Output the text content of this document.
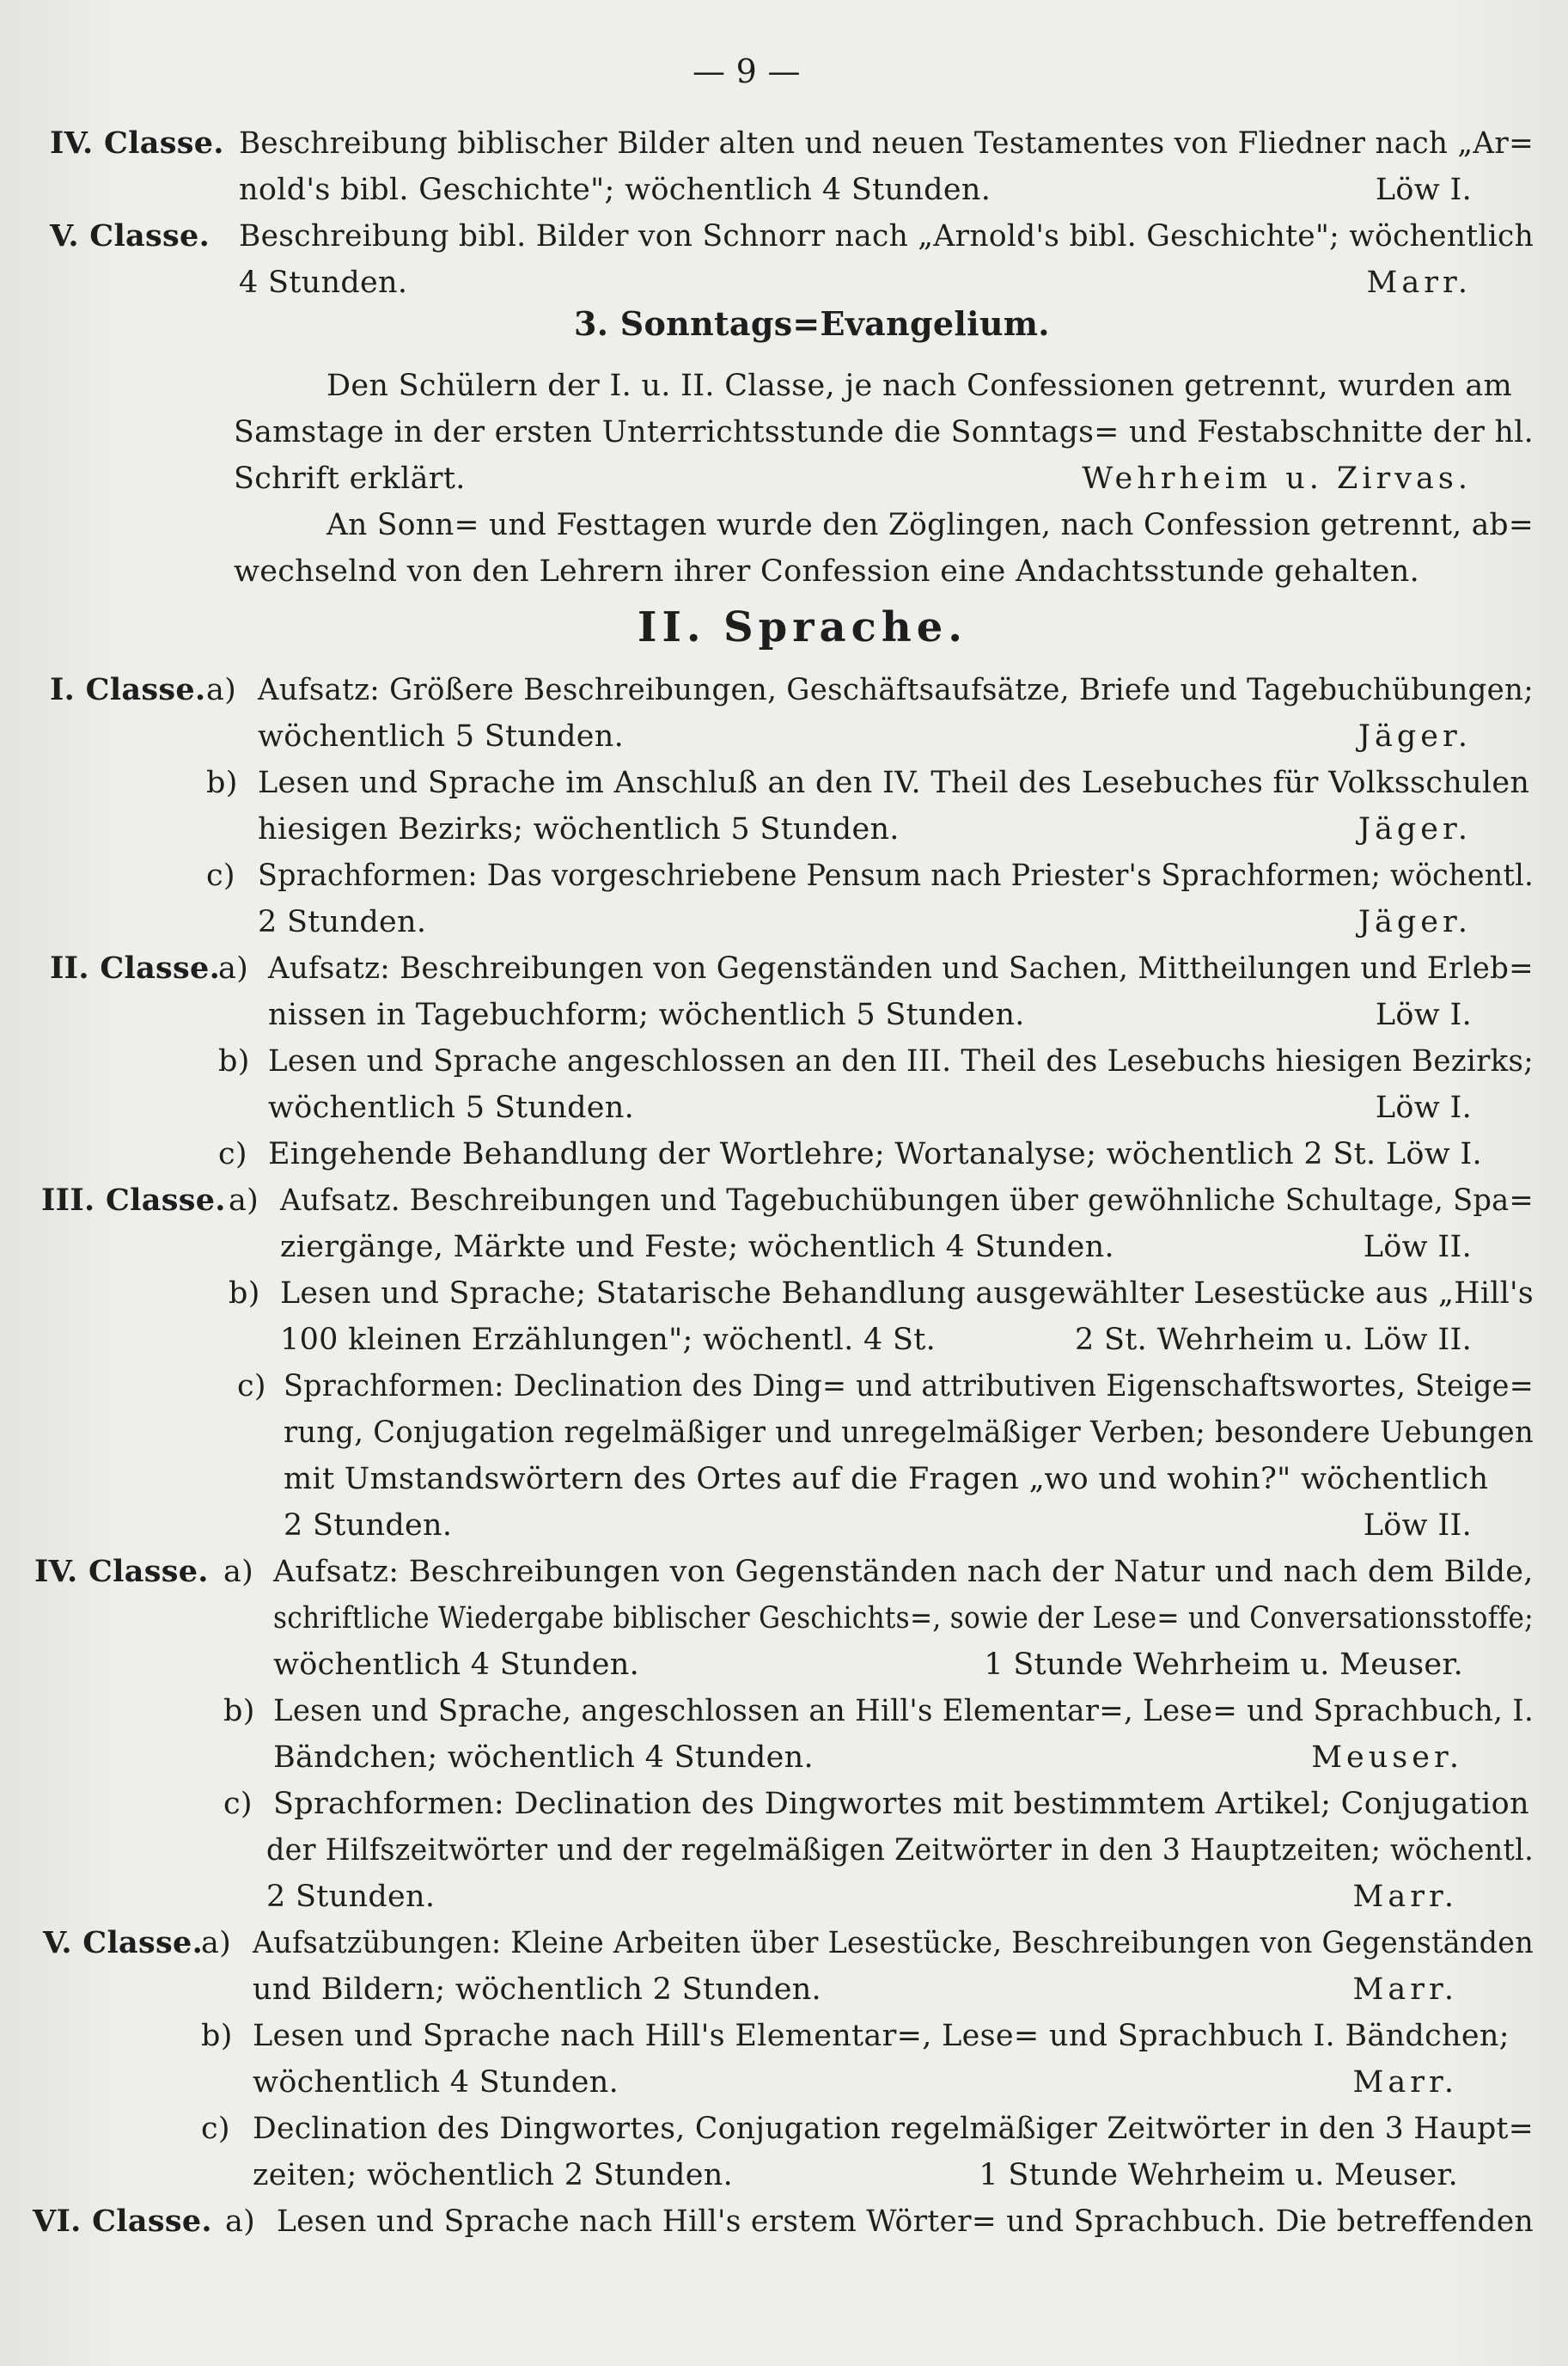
— 9 —
IV. Classe. Beschreibung biblischer Bilder alten und neuen Testamentes von Fliedner nach „Ar=
nold's bibl. Geschichte"; wöchentlich 4 Stunden.	Löw I.
V. Classe. Beschreibung bibl. Bilder von Schnorr nach „Arnold's bibl. Geschichte"; wöchentlich
4 Stunden.	Marr.
3. Sonntags=Evangelium.
Den Schülern der I. u. II. Classe, je nach Confessionen getrennt, wurden am
Samstage in der ersten Unterrichtsstunde die Sonntags= und Festabschnitte der hl.
Schrift erklärt.	Wehrheim u. Zirvas.
An Sonn= und Festtagen wurde den Zöglingen, nach Confession getrennt, ab=
wechselnd von den Lehrern ihrer Confession eine Andachtsstunde gehalten.
II. Sprache.
I. Classe. a) Aufsatz: Größere Beschreibungen, Geschäftsaufsätze, Briefe und Tagebuchübungen;
wöchentlich 5 Stunden.	Jäger.
b) Lesen und Sprache im Anschluß an den IV. Theil des Lesebuches für Volksschulen
hiesigen Bezirks; wöchentlich 5 Stunden.	Jäger.
c) Sprachformen: Das vorgeschriebene Pensum nach Priester's Sprachformen; wöchentl.
2 Stunden.	Jäger.
II. Classe.
a) Aufsatz: Beschreibungen von Gegenständen und Sachen, Mittheilungen und Erleb=
nissen in Tagebuchform; wöchentlich 5 Stunden.	Löw I.
b) Lesen und Sprache angeschlossen an den III. Theil des Lesebuchs hiesigen Bezirks;
wöchentlich 5 Stunden.	Löw I.
c) Eingehende Behandlung der Wortlehre; Wortanalyse; wöchentlich 2 St. Löw I.
III. Classe. a) Aufsatz. Beschreibungen und Tagebuchübungen über gewöhnliche Schultage, Spa=
ziergänge, Märkte und Feste; wöchentlich 4 Stunden.	Löw II.
b) Lesen und Sprache; Statarische Behandlung ausgewählter Lesestücke aus „Hill's
100 kleinen Erzählungen"; wöchentl. 4 St.	2 St. Wehrheim u. Löw II.
c) Sprachformen: Declination des Ding= und attributiven Eigenschaftswortes, Steige=
rung, Conjugation regelmäßiger und unregelmäßiger Verben; besondere Uebungen
mit Umstandswörtern des Ortes auf die Fragen „wo und wohin?" wöchentlich
2 Stunden.	Löw II.
IV. Classe. a) Aufsatz: Beschreibungen von Gegenständen nach der Natur und nach dem Bilde,
schriftliche Wiedergabe biblischer Geschichts=, sowie der Lese= und Conversationsstoffe;
wöchentlich 4 Stunden.	1 Stunde Wehrheim u. Meuser.
b) Lesen und Sprache, angeschlossen an Hill's Elementar=, Lese= und Sprachbuch, I.
Bändchen; wöchentlich 4 Stunden.	Meuser.
c) Sprachformen: Declination des Dingwortes mit bestimmtem Artikel; Conjugation
der Hilfszeitwörter und der regelmäßigen Zeitwörter in den 3 Hauptzeiten; wöchentl.
2 Stunden.	Marr.
V. Classe.
a) Aufsatzübungen: Kleine Arbeiten über Lesestücke, Beschreibungen von Gegenständen
und Bildern; wöchentlich 2 Stunden.	Marr.
b) Lesen und Sprache nach Hill's Elementar=, Lese= und Sprachbuch I. Bändchen;
wöchentlich 4 Stunden.	Marr.
c) Declination des Dingwortes, Conjugation regelmäßiger Zeitwörter in den 3 Haupt=
zeiten; wöchentlich 2 Stunden.	1 Stunde Wehrheim u. Meuser.
VI. Classe. a) Lesen und Sprache nach Hill's erstem Wörter= und Sprachbuch. Die betreffenden
